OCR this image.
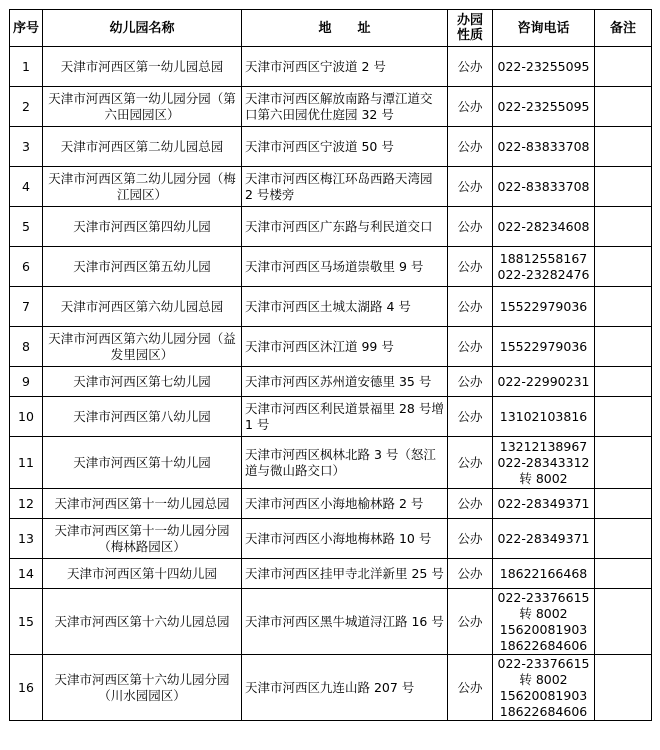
序号	幼儿园名称	地　　址	办园性质	咨询电话	备注
1	天津市河西区第一幼儿园总园	天津市河西区宁波道 2 号	公办	022-23255095	

2	天津市河西区第一幼儿园分园（第六田园园区）	天津市河西区解放南路与潭江道交口第六田园优仕庭园 32 号	公办	022-23255095	

3	天津市河西区第二幼儿园总园	天津市河西区宁波道 50 号	公办	022-83833708	

4	天津市河西区第二幼儿园分园（梅江园区）	天津市河西区梅江环岛西路天湾园 2 号楼旁	公办	022-83833708	

5	天津市河西区第四幼儿园	天津市河西区广东路与利民道交口	公办	022-28234608	

6	天津市河西区第五幼儿园	天津市河西区马场道崇敬里 9 号	公办	18812558167
022-23282476	

7	天津市河西区第六幼儿园总园	天津市河西区土城太湖路 4 号	公办	15522979036	

8	天津市河西区第六幼儿园分园（益发里园区）	天津市河西区沐江道 99 号	公办	15522979036	

9	天津市河西区第七幼儿园	天津市河西区苏州道安德里 35 号	公办	022-22990231	

10	天津市河西区第八幼儿园	天津市河西区利民道景福里 28 号增 1 号	公办	13102103816	

11	天津市河西区第十幼儿园	天津市河西区枫林北路 3 号（怒江道与微山路交口）	公办	13212138967
022-28343312
转 8002	

12	天津市河西区第十一幼儿园总园	天津市河西区小海地榆林路 2 号	公办	022-28349371	

13	天津市河西区第十一幼儿园分园（梅林路园区）	天津市河西区小海地梅林路 10 号	公办	022-28349371	

14	天津市河西区第十四幼儿园	天津市河西区挂甲寺北洋新里 25 号	公办	18622166468	

15	天津市河西区第十六幼儿园总园	天津市河西区黑牛城道浔江路 16 号	公办	022-23376615
转 8002
15620081903
18622684606	

16	天津市河西区第十六幼儿园分园（川水园园区）	天津市河西区九连山路 207 号	公办	022-23376615
转 8002
15620081903
18622684606	
